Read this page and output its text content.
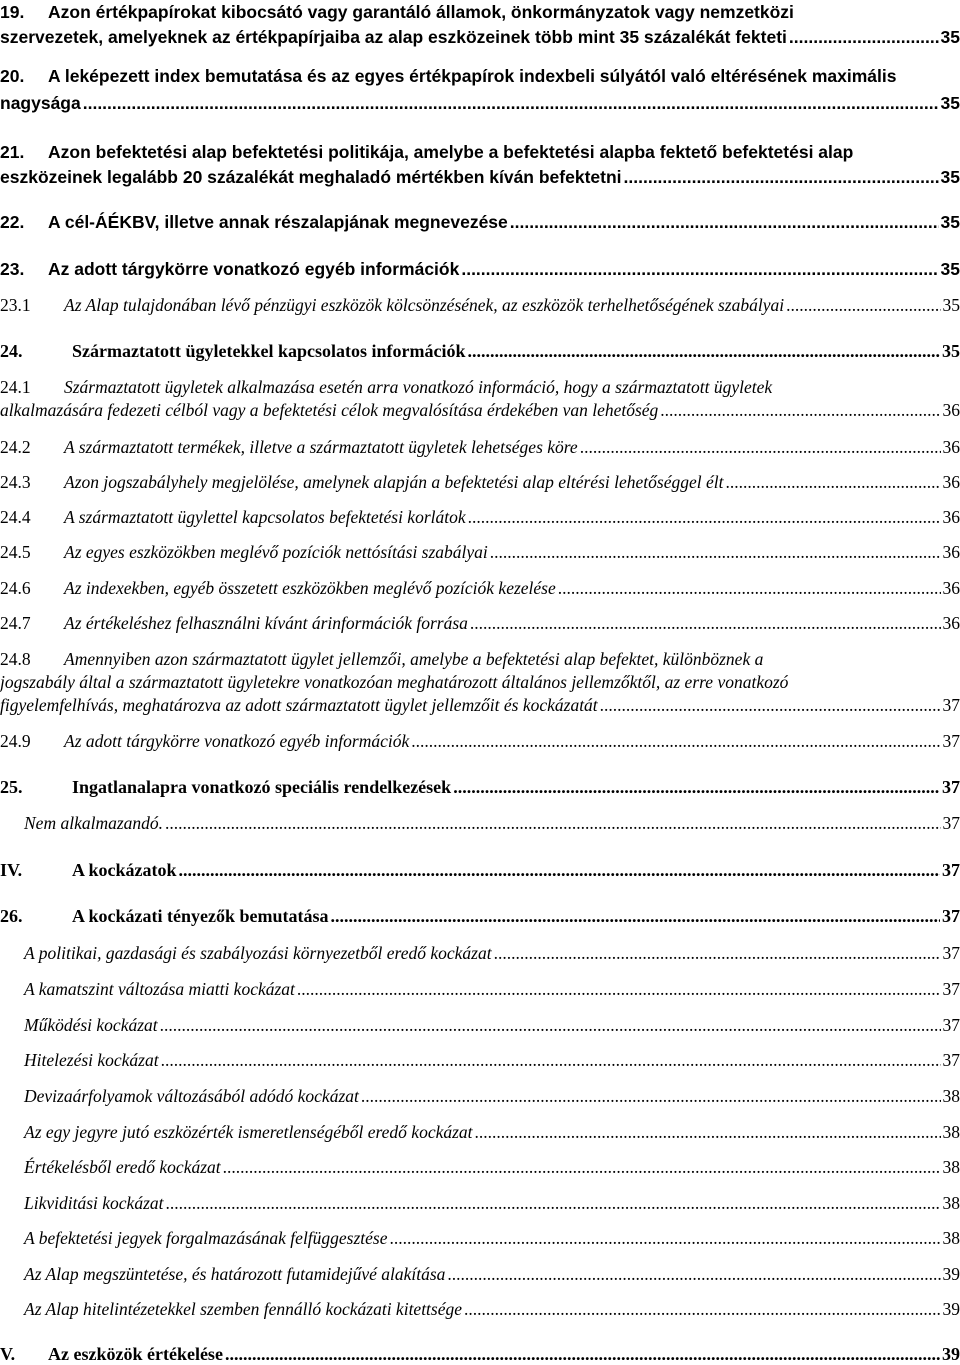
19. Azon értékpapírokat kibocsátó vagy garantáló államok, önkormányzatok vagy nemzetközi
szervezetek, amelyeknek az értékpapírjaiba az alap eszközeinek több mint 35 százalékát fekteti .....	35
20. A leképezett index bemutatása és az egyes értékpapírok indexbeli súlyától való eltérésének maximális
nagysága .....	35
21. Azon befektetési alap befektetési politikája, amelybe a befektetési alapba fektető befektetési alap
eszközeinek legalább 20 százalékát meghaladó mértékben kíván befektetni .....	35
22.	A cél-ÁÉKBV, illetve annak részalapjának megnevezése .....	35
23.	Az adott tárgykörre vonatkozó egyéb információk .....	35
23.1	Az Alap tulajdonában lévő pénzügyi eszközök kölcsönzésének, az eszközök terhelhetőségének szabályai .....	35
24.	Származtatott ügyletekkel kapcsolatos információk .....	35
24.1 Származtatott ügyletek alkalmazása esetén arra vonatkozó információ, hogy a származtatott ügyletek
alkalmazására fedezeti célból vagy a befektetési célok megvalósítása érdekében van lehetőség .....	36
24.2	A származtatott termékek, illetve a származtatott ügyletek lehetséges köre .....	36
24.3	Azon jogszabályhely megjelölése, amelynek alapján a befektetési alap eltérési lehetőséggel élt .....	36
24.4	A származtatott ügylettel kapcsolatos befektetési korlátok .....	36
24.5	Az egyes eszközökben meglévő pozíciók nettósítási szabályai .....	36
24.6	Az indexekben, egyéb összetett eszközökben meglévő pozíciók kezelése .....	36
24.7	Az értékeléshez felhasználni kívánt árinformációk forrása .....	36
24.8 Amennyiben azon származtatott ügylet jellemzői, amelybe a befektetési alap befektet, különböznek a
jogszabály által a származtatott ügyletekre vonatkozóan meghatározott általános jellemzőktől, az erre vonatkozó
figyelemfelhívás, meghatározva az adott származtatott ügylet jellemzőit és kockázatát .....	37
24.9	Az adott tárgykörre vonatkozó egyéb információk .....	37
25.	Ingatlanalapra vonatkozó speciális rendelkezések .....	37
Nem alkalmazandó. .....	37
IV.	A kockázatok .....	37
26.	A kockázati tényezők bemutatása .....	37
A politikai, gazdasági és szabályozási környezetből eredő kockázat .....	37
A kamatszint változása miatti kockázat .....	37
Működési kockázat .....	37
Hitelezési kockázat .....	37
Devizaárfolyamok változásából adódó kockázat .....	38
Az egy jegyre jutó eszközérték ismeretlenségéből eredő kockázat .....	38
Értékelésből eredő kockázat .....	38
Likviditási kockázat .....	38
A befektetési jegyek forgalmazásának felfüggesztése .....	38
Az Alap megszüntetése, és határozott futamidejűvé alakítása .....	39
Az Alap hitelintézetekkel szemben fennálló kockázati kitettsége .....	39
V.	Az eszközök értékelése .....	39
